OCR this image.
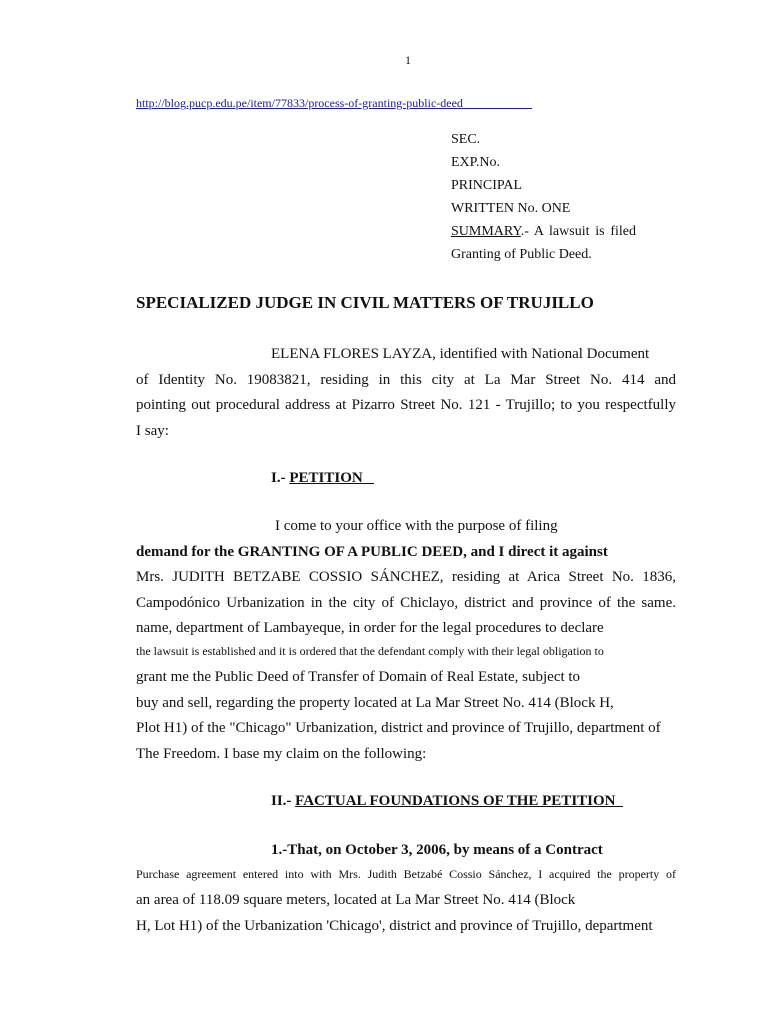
1
http://blog.pucp.edu.pe/item/77833/process-of-granting-public-deed
SEC.
EXP.No.
PRINCIPAL
WRITTEN No. ONE
SUMMARY.- A lawsuit is filed
Granting of Public Deed.
SPECIALIZED JUDGE IN CIVIL MATTERS OF TRUJILLO
ELENA FLORES LAYZA, identified with National Document
of Identity No. 19083821, residing in this city at La Mar Street No. 414 and
pointing out procedural address at Pizarro Street No. 121 - Trujillo; to you respectfully
I say:
I.- PETITION
I come to your office with the purpose of filing
demand for the GRANTING OF A PUBLIC DEED, and I direct it against
Mrs. JUDITH BETZABE COSSIO SÁNCHEZ, residing at Arica Street No. 1836,
Campodónico Urbanization in the city of Chiclayo, district and province of the same.
name, department of Lambayeque, in order for the legal procedures to declare
the lawsuit is established and it is ordered that the defendant comply with their legal obligation to
grant me the Public Deed of Transfer of Domain of Real Estate, subject to
buy and sell, regarding the property located at La Mar Street No. 414 (Block H,
Plot H1) of the "Chicago" Urbanization, district and province of Trujillo, department of
The Freedom. I base my claim on the following:
II.- FACTUAL FOUNDATIONS OF THE PETITION
1.-That, on October 3, 2006, by means of a Contract
Purchase agreement entered into with Mrs. Judith Betzabé Cossio Sánchez, I acquired the property of
an area of 118.09 square meters, located at La Mar Street No. 414 (Block
H, Lot H1) of the Urbanization 'Chicago', district and province of Trujillo, department
